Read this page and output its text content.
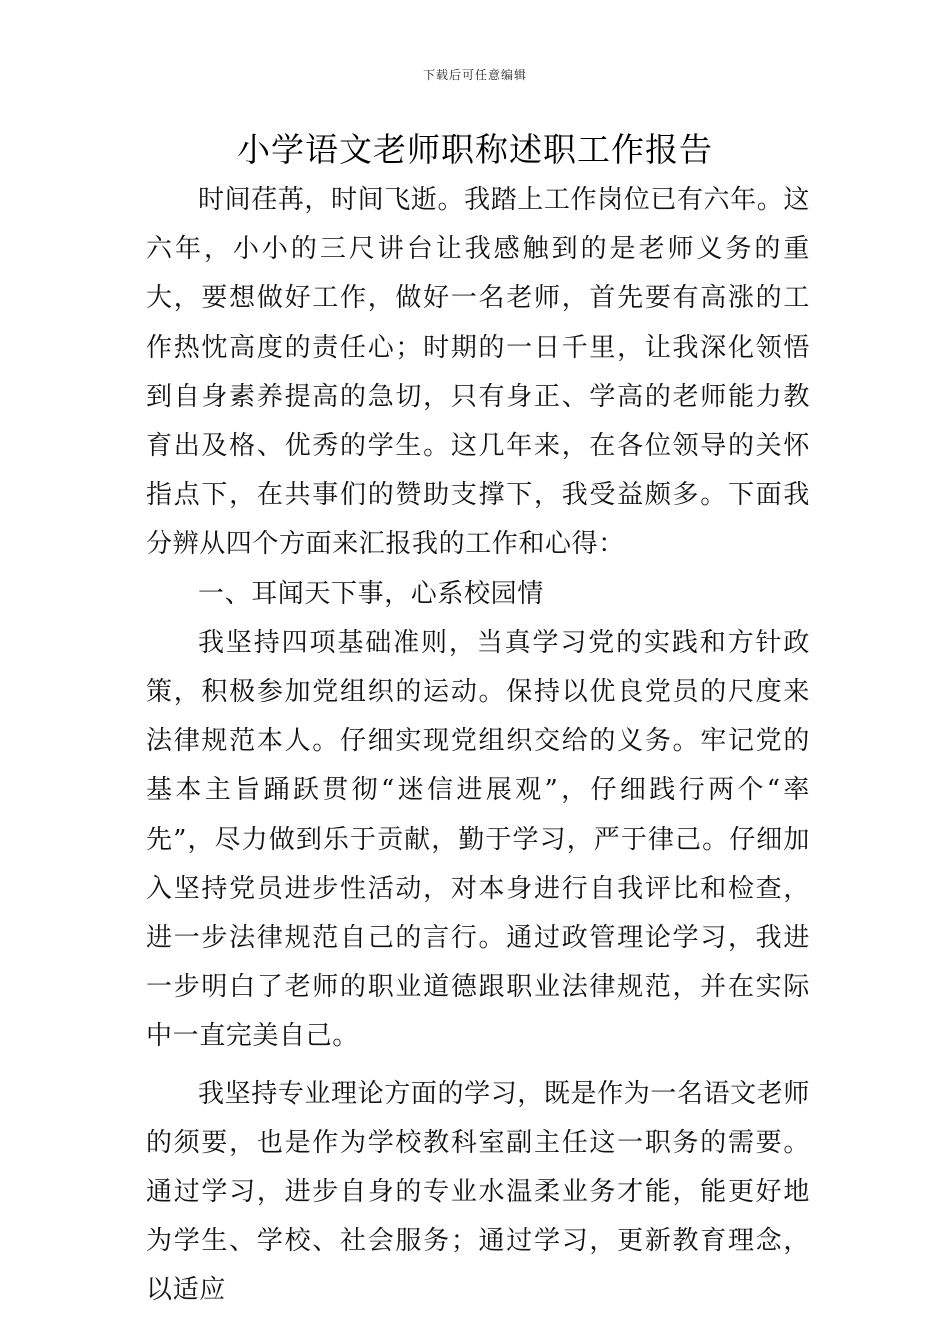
下载后可任意编辑
小学语文老师职称述职工作报告

时间荏苒，时间飞逝。我踏上工作岗位已有六年。这六年，小小的三尺讲台让我感触到的是老师义务的重大，要想做好工作，做好一名老师，首先要有高涨的工作热忱高度的责任心；时期的一日千里，让我深化领悟到自身素养提高的急切，只有身正、学高的老师能力教育出及格、优秀的学生。这几年来，在各位领导的关怀指点下，在共事们的赞助支撑下，我受益颇多。下面我分辨从四个方面来汇报我的工作和心得：

一、耳闻天下事，心系校园情

我坚持四项基础准则，当真学习党的实践和方针政策，积极参加党组织的运动。保持以优良党员的尺度来法律规范本人。仔细实现党组织交给的义务。牢记党的基本主旨踊跃贯彻“迷信进展观”，仔细践行两个“率先”，尽力做到乐于贡献，勤于学习，严于律己。仔细加入坚持党员进步性活动，对本身进行自我评比和检查，进一步法律规范自己的言行。通过政管理论学习，我进一步明白了老师的职业道德跟职业法律规范，并在实际中一直完美自己。

我坚持专业理论方面的学习，既是作为一名语文老师的须要，也是作为学校教科室副主任这一职务的需要。通过学习，进步自身的专业水温柔业务才能，能更好地为学生、学校、社会服务；通过学习，更新教育理念，以适应
